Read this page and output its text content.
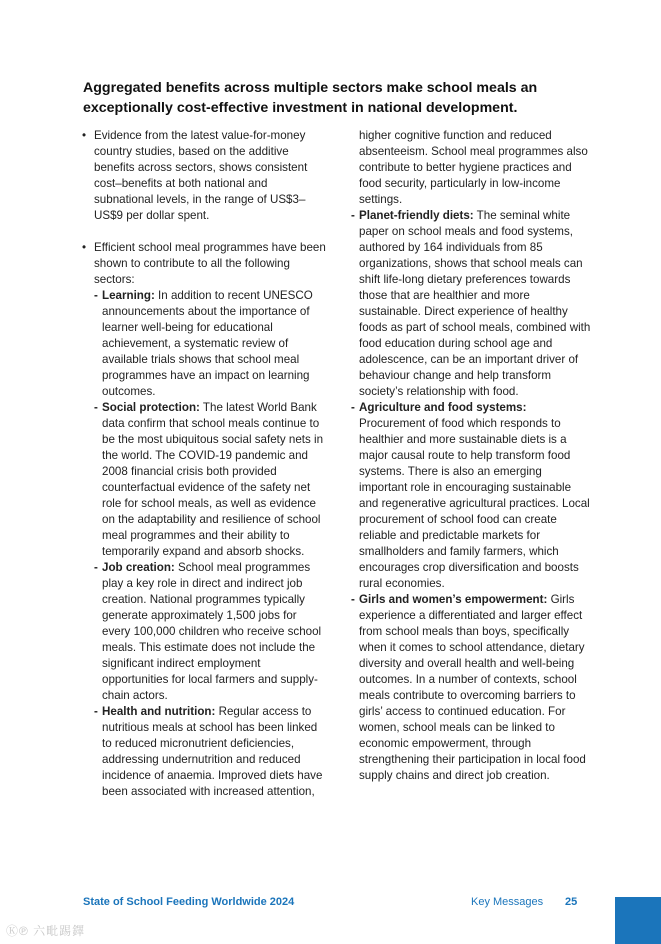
Aggregated benefits across multiple sectors make school meals an exceptionally cost-effective investment in national development.
• Evidence from the latest value-for-money country studies, based on the additive benefits across sectors, shows consistent cost–benefits at both national and subnational levels, in the range of US$3–US$9 per dollar spent.
• Efficient school meal programmes have been shown to contribute to all the following sectors:
- Learning: In addition to recent UNESCO announcements about the importance of learner well-being for educational achievement, a systematic review of available trials shows that school meal programmes have an impact on learning outcomes.
- Social protection: The latest World Bank data confirm that school meals continue to be the most ubiquitous social safety nets in the world. The COVID-19 pandemic and 2008 financial crisis both provided counterfactual evidence of the safety net role for school meals, as well as evidence on the adaptability and resilience of school meal programmes and their ability to temporarily expand and absorb shocks.
- Job creation: School meal programmes play a key role in direct and indirect job creation. National programmes typically generate approximately 1,500 jobs for every 100,000 children who receive school meals. This estimate does not include the significant indirect employment opportunities for local farmers and supply-chain actors.
- Health and nutrition: Regular access to nutritious meals at school has been linked to reduced micronutrient deficiencies, addressing undernutrition and reduced incidence of anaemia. Improved diets have been associated with increased attention,
higher cognitive function and reduced absenteeism. School meal programmes also contribute to better hygiene practices and food security, particularly in low-income settings.
- Planet-friendly diets: The seminal white paper on school meals and food systems, authored by 164 individuals from 85 organizations, shows that school meals can shift life-long dietary preferences towards those that are healthier and more sustainable. Direct experience of healthy foods as part of school meals, combined with food education during school age and adolescence, can be an important driver of behaviour change and help transform society’s relationship with food.
- Agriculture and food systems: Procurement of food which responds to healthier and more sustainable diets is a major causal route to help transform food systems. There is also an emerging important role in encouraging sustainable and regenerative agricultural practices. Local procurement of school food can create reliable and predictable markets for smallholders and family farmers, which encourages crop diversification and boosts rural economies.
- Girls and women’s empowerment: Girls experience a differentiated and larger effect from school meals than boys, specifically when it comes to school attendance, dietary diversity and overall health and well-being outcomes. In a number of contexts, school meals contribute to overcoming barriers to girls’ access to continued education. For women, school meals can be linked to economic empowerment, through strengthening their participation in local food supply chains and direct job creation.
State of School Feeding Worldwide 2024	Key Messages 25
Ⓚ℗ 六毗踢鐸
